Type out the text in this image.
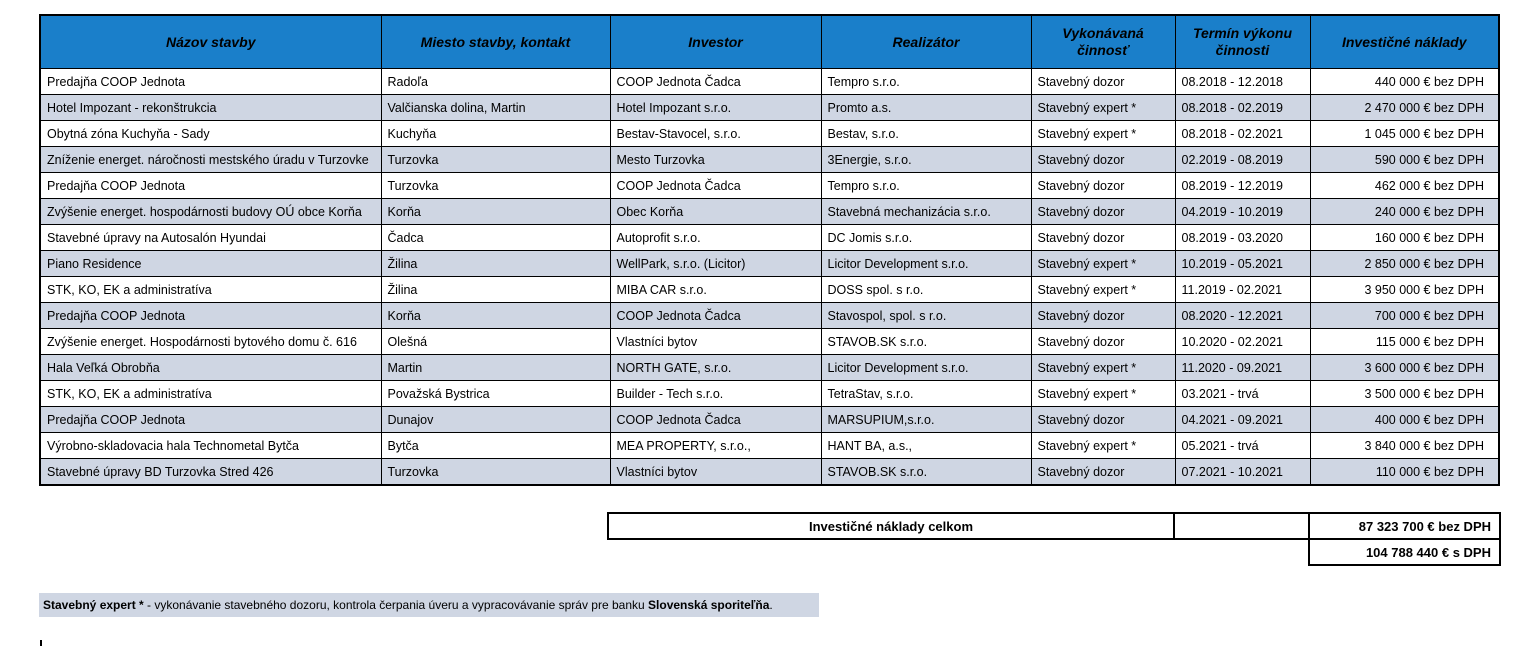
Názov stavby	Miesto stavby, kontakt	Investor	Realizátor	Vykonávaná činnosť	Termín výkonu činnosti	Investičné náklady
Predajňa COOP Jednota	Radoľa	COOP Jednota Čadca	Tempro s.r.o.	Stavebný dozor	08.2018 - 12.2018	440 000 € bez DPH
Hotel Impozant - rekonštrukcia	Valčianska dolina, Martin	Hotel Impozant s.r.o.	Promto a.s.	Stavebný expert *	08.2018 - 02.2019	2 470 000 € bez DPH
Obytná zóna Kuchyňa - Sady	Kuchyňa	Bestav-Stavocel, s.r.o.	Bestav, s.r.o.	Stavebný expert *	08.2018 - 02.2021	1 045 000 € bez DPH
Zníženie energet. náročnosti mestského úradu v Turzovke	Turzovka	Mesto Turzovka	3Energie, s.r.o.	Stavebný dozor	02.2019 - 08.2019	590 000 € bez DPH
Predajňa COOP Jednota	Turzovka	COOP Jednota Čadca	Tempro s.r.o.	Stavebný dozor	08.2019 - 12.2019	462 000 € bez DPH
Zvýšenie energet. hospodárnosti budovy OÚ obce Korňa	Korňa	Obec Korňa	Stavebná mechanizácia s.r.o.	Stavebný dozor	04.2019 - 10.2019	240 000 € bez DPH
Stavebné úpravy na Autosalón Hyundai	Čadca	Autoprofit s.r.o.	DC Jomis s.r.o.	Stavebný dozor	08.2019 - 03.2020	160 000 € bez DPH
Piano Residence	Žilina	WellPark, s.r.o. (Licitor)	Licitor Development s.r.o.	Stavebný expert *	10.2019 - 05.2021	2 850 000 € bez DPH
STK, KO, EK a administratíva	Žilina	MIBA CAR s.r.o.	DOSS spol. s r.o.	Stavebný expert *	11.2019 - 02.2021	3 950 000 € bez DPH
Predajňa COOP Jednota	Korňa	COOP Jednota Čadca	Stavospol, spol. s r.o.	Stavebný dozor	08.2020 - 12.2021	700 000 € bez DPH
Zvýšenie energet. Hospodárnosti bytového domu č. 616	Olešná	Vlastníci bytov	STAVOB.SK s.r.o.	Stavebný dozor	10.2020 - 02.2021	115 000 € bez DPH
Hala Veľká Obrobňa	Martin	NORTH GATE, s.r.o.	Licitor Development s.r.o.	Stavebný expert *	11.2020 - 09.2021	3 600 000 € bez DPH
STK, KO, EK a administratíva	Považská Bystrica	Builder - Tech s.r.o.	TetraStav, s.r.o.	Stavebný expert *	03.2021 - trvá	3 500 000 € bez DPH
Predajňa COOP Jednota	Dunajov	COOP Jednota Čadca	MARSUPIUM,s.r.o.	Stavebný dozor	04.2021 - 09.2021	400 000 € bez DPH
Výrobno-skladovacia hala Technometal Bytča	Bytča	MEA PROPERTY, s.r.o.,	HANT BA, a.s.,	Stavebný expert *	05.2021 - trvá	3 840 000 € bez DPH
Stavebné úpravy BD Turzovka Stred 426	Turzovka	Vlastníci bytov	STAVOB.SK s.r.o.	Stavebný dozor	07.2021 - 10.2021	110 000 € bez DPH
Investičné náklady celkom		87 323 700 € bez DPH
		104 788 440 € s DPH
Stavebný expert * - vykonávanie stavebného dozoru, kontrola čerpania úveru a vypracovávanie správ pre banku Slovenská sporiteľňa.
